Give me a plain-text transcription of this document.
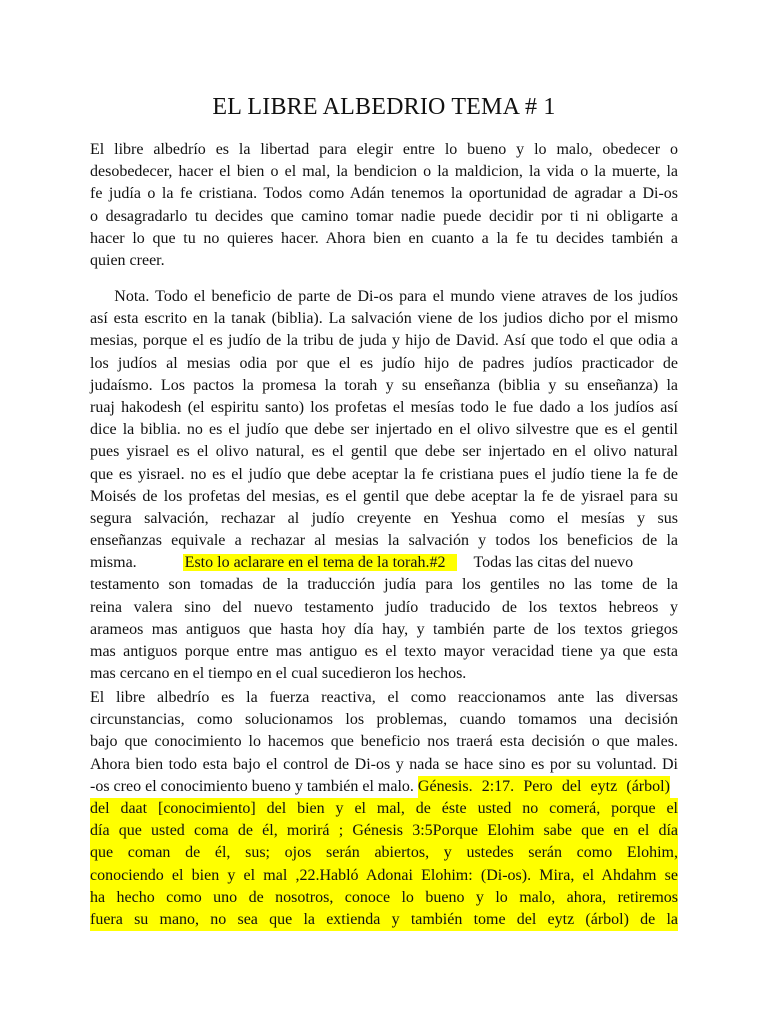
EL LIBRE ALBEDRIO TEMA # 1
El libre albedrío es la libertad para elegir entre lo bueno y lo malo, obedecer o
desobedecer, hacer el bien o el mal, la bendicion o la maldicion, la vida o la muerte, la
fe judía o la fe cristiana. Todos como Adán tenemos la oportunidad de agradar a Di-os
o desagradarlo tu decides que camino tomar nadie puede decidir por ti ni obligarte a
hacer lo que tu no quieres hacer. Ahora bien en cuanto a la fe tu decides también a
quien creer.
Nota. Todo el beneficio de parte de Di-os para el mundo viene atraves de los judíos
así esta escrito en la tanak (biblia). La salvación viene de los judios dicho por el mismo
mesias, porque el es judío de la tribu de juda y hijo de David. Así que todo el que odia a
los judíos al mesias odia por que el es judío hijo de padres judíos practicador de
judaísmo. Los pactos la promesa la torah y su enseñanza (biblia y su enseñanza) la
ruaj hakodesh (el espiritu santo) los profetas el mesías todo le fue dado a los judíos así
dice la biblia. no es el judío que debe ser injertado en el olivo silvestre que es el gentil
pues yisrael es el olivo natural, es el gentil que debe ser injertado en el olivo natural
que es yisrael. no es el judío que debe aceptar la fe cristiana pues el judío tiene la fe de
Moisés de los profetas del mesias, es el gentil que debe aceptar la fe de yisrael para su
segura salvación, rechazar al judío creyente en Yeshua como el mesías y sus
enseñanzas equivale a rechazar al mesias la salvación y todos los beneficios de la
misma.	Esto lo aclarare en el tema de la torah.#2 Todas las citas del nuevo
testamento son tomadas de la traducción judía para los gentiles no las tome de la
reina valera sino del nuevo testamento judío traducido de los textos hebreos y
arameos mas antiguos que hasta hoy día hay, y también parte de los textos griegos
mas antiguos porque entre mas antiguo es el texto mayor veracidad tiene ya que esta
mas cercano en el tiempo en el cual sucedieron los hechos.
El libre albedrío es la fuerza reactiva, el como reaccionamos ante las diversas
circunstancias, como solucionamos los problemas, cuando tomamos una decisión
bajo que conocimiento lo hacemos que beneficio nos traerá esta decisión o que males.
Ahora bien todo esta bajo el control de Di-os y nada se hace sino es por su voluntad. Di
-os creo el conocimiento bueno y también el malo. Génesis. 2:17. Pero del eytz (árbol)
del daat [conocimiento] del bien y el mal, de éste usted no comerá, porque el
día que usted coma de él, morirá ; Génesis 3:5Porque Elohim sabe que en el día
que coman de él, sus; ojos serán abiertos, y ustedes serán como Elohim,
conociendo el bien y el mal ,22.Habló Adonai Elohim: (Di-os). Mira, el Ahdahm se
ha hecho como uno de nosotros, conoce lo bueno y lo malo, ahora, retiremos
fuera su mano, no sea que la extienda y también tome del eytz (árbol) de la
